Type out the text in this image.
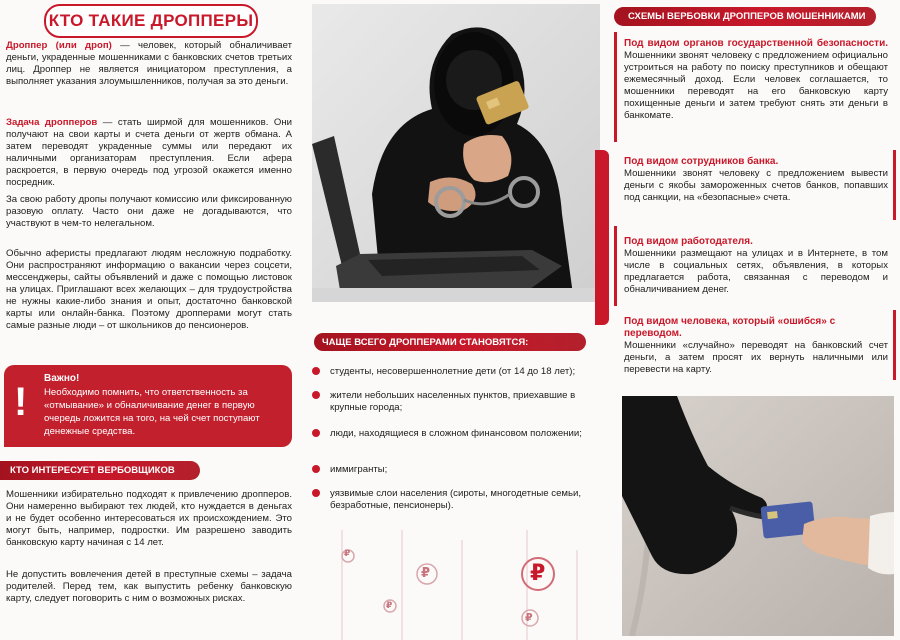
КТО ТАКИЕ ДРОППЕРЫ

Дроппер (или дроп) — человек, который обналичивает деньги, украденные мошенниками с банковских счетов третьих лиц. Дроппер не является инициатором преступления, а выполняет указания злоумышленников, получая за это деньги.

Задача дропперов — стать ширмой для мошенников. Они получают на свои карты и счета деньги от жертв обмана. А затем переводят украденные суммы или передают их наличными организаторам преступления. Если афера раскроется, в первую очередь под угрозой окажется именно посредник.

За свою работу дропы получают комиссию или фиксированную разовую оплату. Часто они даже не догадываются, что участвуют в чем-то нелегальном.

Обычно аферисты предлагают людям несложную подработку. Они распространяют информацию о вакансии через соцсети, мессенджеры, сайты объявлений и даже с помощью листовок на улицах. Приглашают всех желающих – для трудоустройства не нужны какие-либо знания и опыт, достаточно банковской карты или онлайн-банка. Поэтому дропперами могут стать самые разные люди – от школьников до пенсионеров.

!
Важно!
Необходимо помнить, что ответственность за «отмывание» и обналичивание денег в первую очередь ложится на того, на чей счет поступают денежные средства.
КТО ИНТЕРЕСУЕТ ВЕРБОВЩИКОВ

Мошенники избирательно подходят к привлечению дропперов. Они намеренно выбирают тех людей, кто нуждается в деньгах и не будет особенно интересоваться их происхождением. Это могут быть, например, подростки. Им разрешено заводить банковскую карту начиная с 14 лет.

Не допустить вовлечения детей в преступные схемы – задача родителей. Перед тем, как выпустить ребенку банковскую карту, следует поговорить с ним о возможных рисках.

ЧАЩЕ ВСЕГО ДРОППЕРАМИ СТАНОВЯТСЯ:
студенты, несовершеннолетние дети (от 14 до 18 лет);
жители небольших населенных пунктов, приехавшие в крупные города;
люди, находящиеся в сложном финансовом положении;
иммигранты;
уязвимые слои населения (сироты, многодетные семьи, безработные, пенсионеры).
₽
₽	₽
₽
₽
СХЕМЫ ВЕРБОВКИ ДРОППЕРОВ МОШЕННИКАМИ

Под видом органов государственной безопасности. Мошенники звонят человеку с предложением официально устроиться на работу по поиску преступников и обещают ежемесячный доход. Если человек соглашается, то мошенники переводят на его банковскую карту похищенные деньги и затем требуют снять эти деньги в банкомате.

Под видом сотрудников банка.

Мошенники звонят человеку с предложением вывести деньги с якобы замороженных счетов банков, попавших под санкции, на «безопасные» счета.

Под видом работодателя.

Мошенники размещают на улицах и в Интернете, в том числе в социальных сетях, объявления, в которых предлагается работа, связанная с переводом и обналичиванием денег.

Под видом человека, который «ошибся» с переводом.

Мошенники «случайно» переводят на банковский счет деньги, а затем просят их вернуть наличными или перевести на карту.
